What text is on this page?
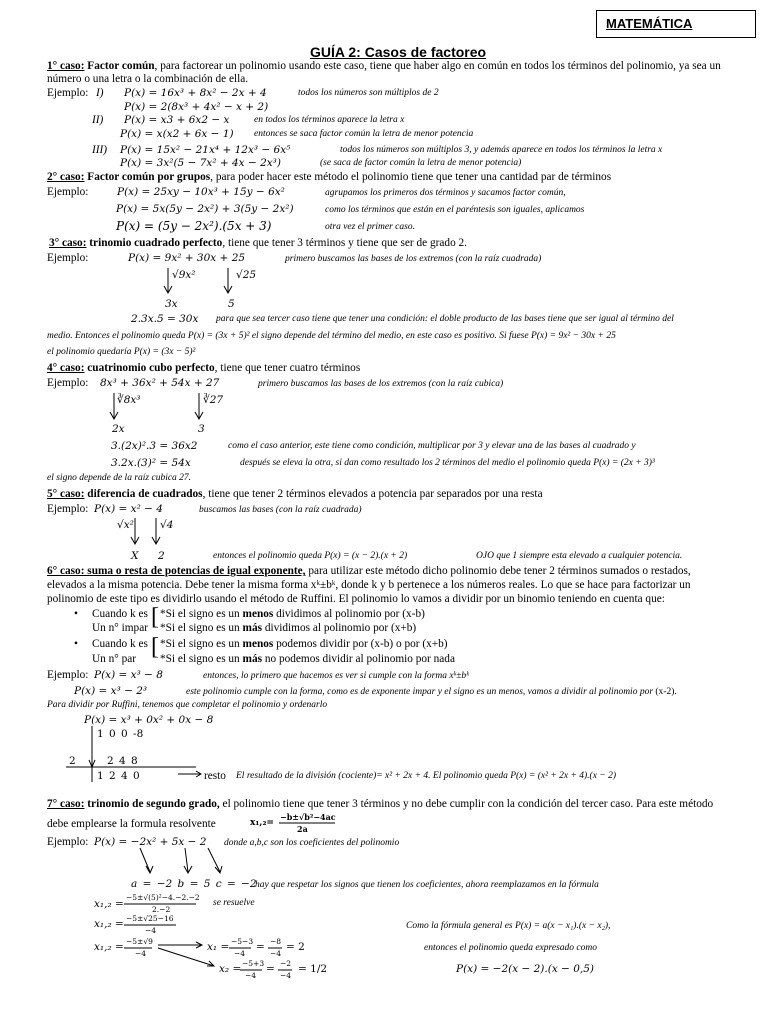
MATEMÁTICA
GUÍA 2: Casos de factoreo
1° caso: Factor común, para factorear un polinomio usando este caso, tiene que haber algo en común en todos los términos del polinomio, ya sea un
número o una letra o la combinación de ella.
Ejemplo: I) P(x) = 16x³ + 8x² − 2x + 4	todos los números son múltiplos de 2
P(x) = 2(8x³ + 4x² − x + 2)
II) P(x) = x3 + 6x2 − x	en todos los términos aparece la letra x
P(x) = x(x2 + 6x − 1) entonces se saca factor común la letra de menor potencia
III) P(x) = 15x² − 21x⁴ + 12x³ − 6x⁵	todos los números son múltiplos 3, y además aparece en todos los términos la letra x
P(x) = 3x²(5 − 7x² + 4x − 2x³)	(se saca de factor común la letra de menor potencia)
2° caso: Factor común por grupos, para poder hacer este método el polinomio tiene que tener una cantidad par de términos
Ejemplo:	P(x) = 25xy − 10x³ + 15y − 6x²	agrupamos los primeros dos términos y sacamos factor común,
P(x) = 5x(5y − 2x²) + 3(5y − 2x²)	como los términos que están en el paréntesis son iguales, aplicamos
P(x) = (5y − 2x²).(5x + 3)	otra vez el primer caso.
3° caso: trinomio cuadrado perfecto, tiene que tener 3 términos y tiene que ser de grado 2.
Ejemplo:	P(x) = 9x² + 30x + 25	primero buscamos las bases de los extremos (con la raíz cuadrada)
√9x²	√25
3x	5
2.3x.5 = 30x para que sea tercer caso tiene que tener una condición: el doble producto de las bases tiene que ser igual al término del
medio. Entonces el polinomio queda P(x) = (3x + 5)² el signo depende del término del medio, en este caso es positivo. Si fuese P(x) = 9x² − 30x + 25
el polinomio quedaría P(x) = (3x − 5)²
4° caso: cuatrinomio cubo perfecto, tiene que tener cuatro términos
Ejemplo: 8x³ + 36x² + 54x + 27	primero buscamos las bases de los extremos (con la raíz cubica)
∛8x³	∛27
2x	3
3.(2x)².3 = 36x2	como el caso anterior, este tiene como condición, multiplicar por 3 y elevar una de las bases al cuadrado y
3.2x.(3)² = 54x	después se eleva la otra, si dan como resultado los 2 términos del medio el polinomio queda P(x) = (2x + 3)³
el signo depende de la raíz cubica 27.
5° caso: diferencia de cuadrados, tiene que tener 2 términos elevados a potencia par separados por una resta
Ejemplo: P(x) = x² − 4	buscamos las bases (con la raíz cuadrada)
√x² √4
X 2	entonces el polinomio queda P(x) = (x − 2).(x + 2)	OJO que 1 siempre esta elevado a cualquier potencia.
6° caso: suma o resta de potencias de igual exponente, para utilizar este método dicho polinomio debe tener 2 términos sumados o restados,
elevados a la misma potencia. Debe tener la misma forma xᵏ±bᵏ, donde k y b pertenece a los números reales. Lo que se hace para factorizar un
polinomio de este tipo es dividirlo usando el método de Ruffini. El polinomio lo vamos a dividir por un binomio teniendo en cuenta que:
• Cuando k es
Un n° impar [ *Si el signo es un menos dividimos al polinomio por (x-b)
*Si el signo es un más dividimos al polinomio por (x+b)
• Cuando k es
Un n° par [ *Si el signo es un menos podemos dividir por (x-b) o por (x+b)
*Si el signo es un más no podemos dividir al polinomio por nada
Ejemplo: P(x) = x³ − 8	entonces, lo primero que hacemos es ver si cumple con la forma xᵏ±bᵏ
P(x) = x³ − 2³	este polinomio cumple con la forma, como es de exponente impar y el signo es un menos, vamos a dividir al polinomio por (x-2).
Para dividir por Ruffini, tenemos que completar el polinomio y ordenarlo
P(x) = x³ + 0x² + 0x − 8
1 0 0 -8
2	2 4 8
1 2 4 0	resto El resultado de la división (cociente)= x² + 2x + 4. El polinomio queda P(x) = (x² + 2x + 4).(x − 2)
7° caso: trinomio de segundo grado, el polinomio tiene que tener 3 términos y no debe cumplir con la condición del tercer caso. Para este método
debe emplearse la formula resolvente	x₁,₂=
−b±√b²−4ac
2a
Ejemplo: P(x) = −2x² + 5x − 2 donde a,b,c son los coeficientes del polinomio
a = −2 b = 5 c = −2
hay que respetar los signos que tienen los coeficientes, ahora reemplazamos en la fórmula
x₁,₂ =
−5±√(5)²−4.−2.−2
2.−2
se resuelve
x₁,₂ = −5±√25−16
−4
x₁,₂ = −5±√9
−4
x₁ = −5−3
−4
= −8
−4
= 2
x₂ = −5+3
−4
= −2
−4
= 1/2
Como la fórmula general es P(x) = a(x − x₁).(x − x₂),
entonces el polinomio queda expresado como
P(x) = −2(x − 2).(x − 0,5)
